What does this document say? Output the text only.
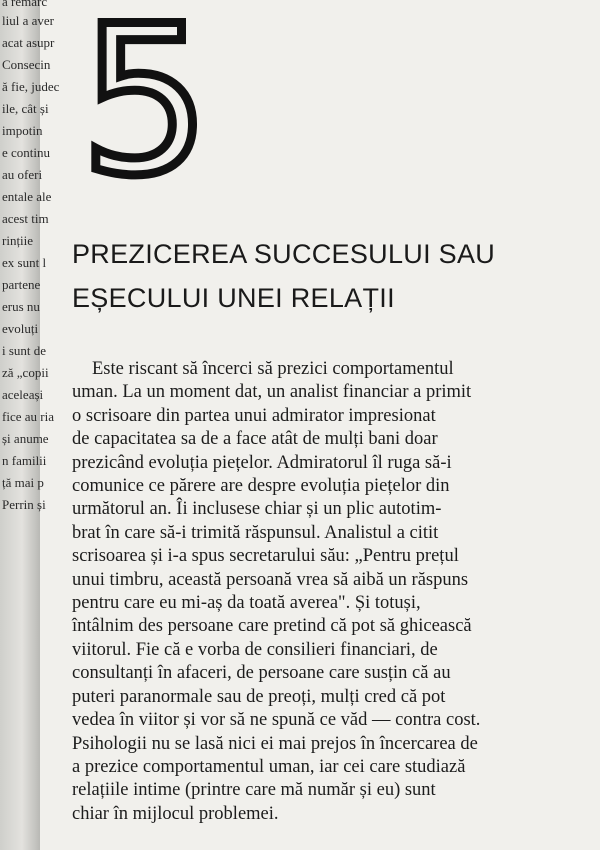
a remarc
liul a aver
acat asupr
Consecin
ă fie, judec
ile, cât și
impotin
e continu
au oferi
entale ale
acest tim
rințiie
ex sunt l
partene
erus nu
evoluți
i sunt de
ză „copii
aceleași
fice au ria
și anume
n familii
ță mai p
Perrin și
5
PREZICEREA SUCCESULUI SAU
EȘECULUI UNEI RELAȚII
Este riscant să încerci să prezici comportamentul
uman. La un moment dat, un analist financiar a primit
o scrisoare din partea unui admirator impresionat
de capacitatea sa de a face atât de mulți bani doar
prezicând evoluția piețelor. Admiratorul îl ruga să-i
comunice ce părere are despre evoluția piețelor din
următorul an. Îi inclusese chiar și un plic autotim-
brat în care să-i trimită răspunsul. Analistul a citit
scrisoarea și i-a spus secretarului său: „Pentru prețul
unui timbru, această persoană vrea să aibă un răspuns
pentru care eu mi-aș da toată averea". Și totuși,
întâlnim des persoane care pretind că pot să ghicească
viitorul. Fie că e vorba de consilieri financiari, de
consultanți în afaceri, de persoane care susțin că au
puteri paranormale sau de preoți, mulți cred că pot
vedea în viitor și vor să ne spună ce văd — contra cost.
Psihologii nu se lasă nici ei mai prejos în încercarea de
a prezice comportamentul uman, iar cei care studiază
relațiile intime (printre care mă număr și eu) sunt
chiar în mijlocul problemei.
